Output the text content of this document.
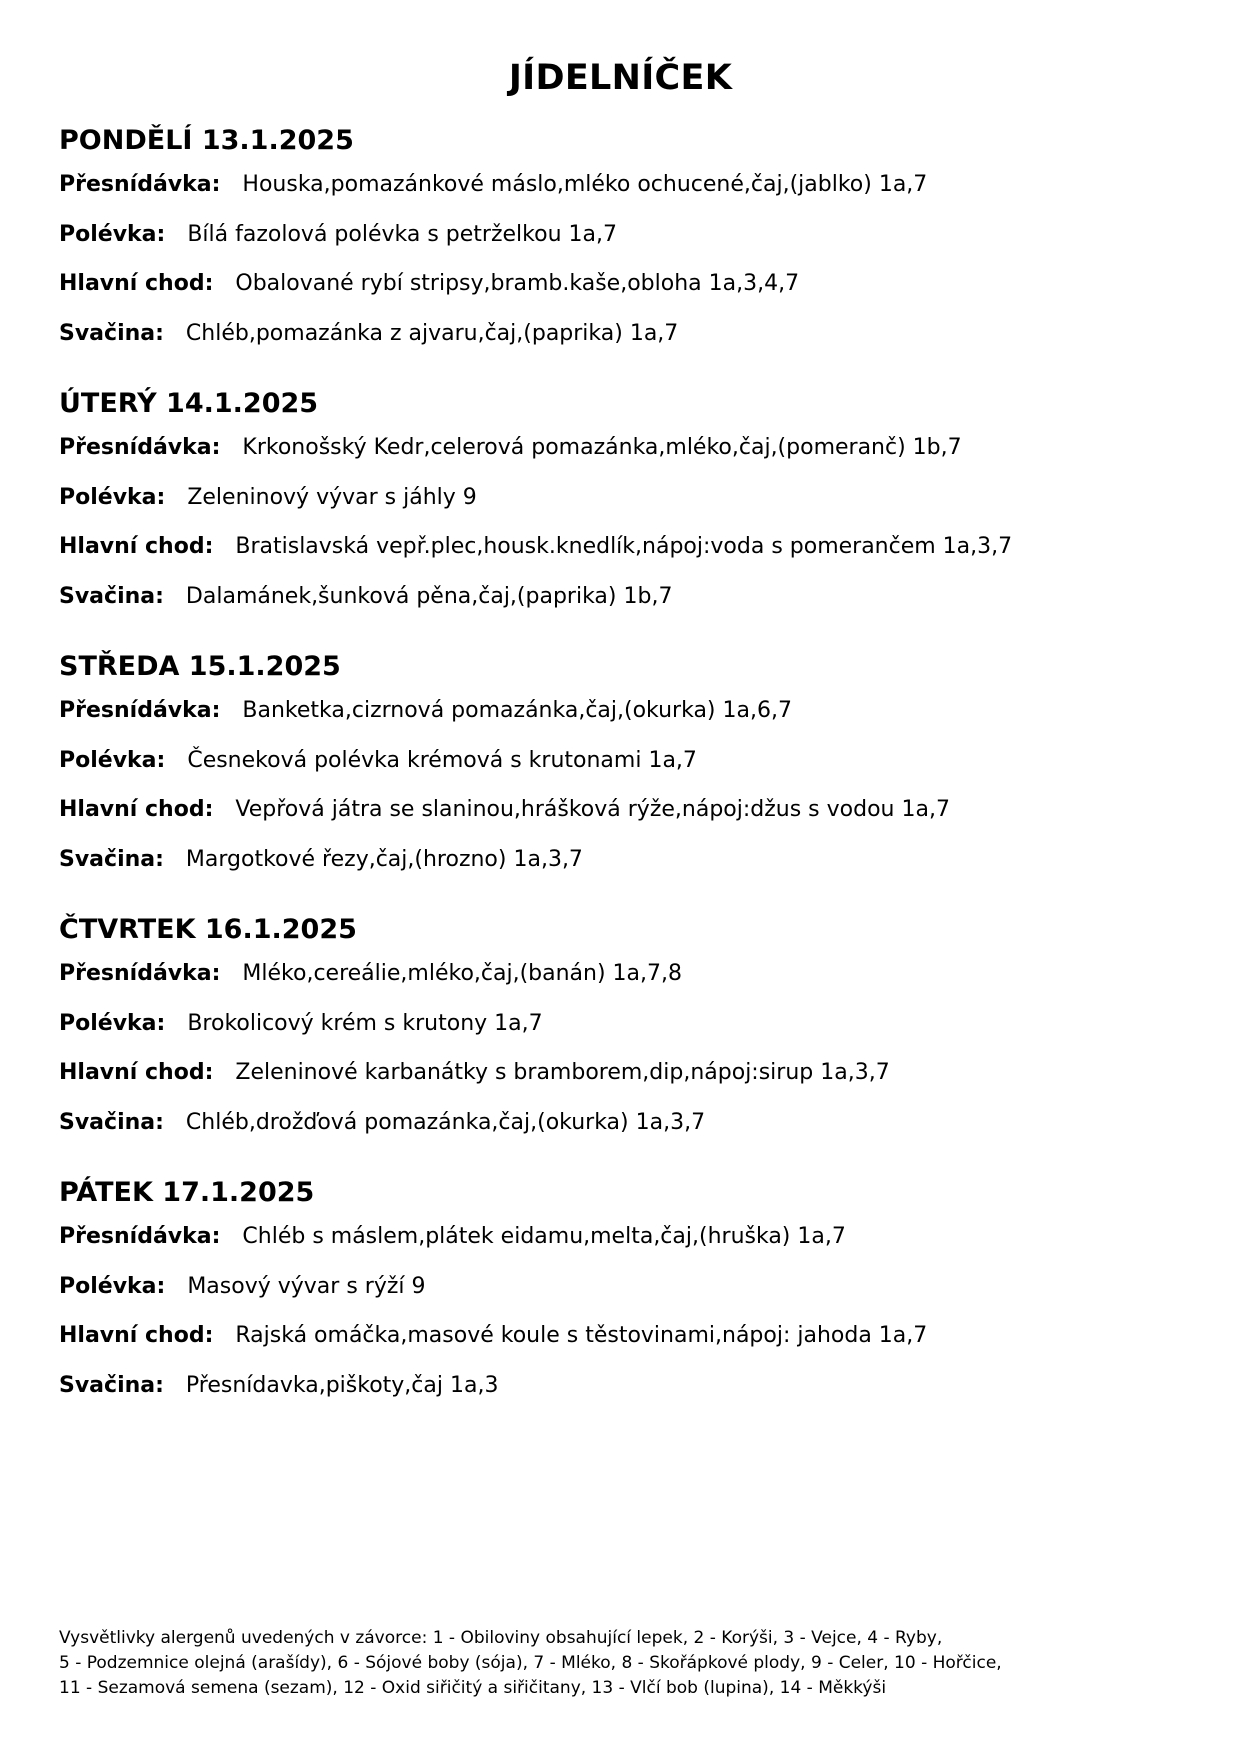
JÍDELNÍČEK
PONDĚLÍ 13.1.2025
Přesnídávka: Houska,pomazánkové máslo,mléko ochucené,čaj,(jablko) 1a,7
Polévka: Bílá fazolová polévka s petrželkou 1a,7
Hlavní chod: Obalované rybí stripsy,bramb.kaše,obloha 1a,3,4,7
Svačina: Chléb,pomazánka z ajvaru,čaj,(paprika) 1a,7
ÚTERÝ 14.1.2025
Přesnídávka: Krkonošský Kedr,celerová pomazánka,mléko,čaj,(pomeranč) 1b,7
Polévka: Zeleninový vývar s jáhly 9
Hlavní chod: Bratislavská vepř.plec,housk.knedlík,nápoj:voda s pomerančem 1a,3,7
Svačina: Dalamánek,šunková pěna,čaj,(paprika) 1b,7
STŘEDA 15.1.2025
Přesnídávka: Banketka,cizrnová pomazánka,čaj,(okurka) 1a,6,7
Polévka: Česneková polévka krémová s krutonami 1a,7
Hlavní chod: Vepřová játra se slaninou,hrášková rýže,nápoj:džus s vodou 1a,7
Svačina: Margotkové řezy,čaj,(hrozno) 1a,3,7
ČTVRTEK 16.1.2025
Přesnídávka: Mléko,cereálie,mléko,čaj,(banán) 1a,7,8
Polévka: Brokolicový krém s krutony 1a,7
Hlavní chod: Zeleninové karbanátky s bramborem,dip,nápoj:sirup 1a,3,7
Svačina: Chléb,drožďová pomazánka,čaj,(okurka) 1a,3,7
PÁTEK 17.1.2025
Přesnídávka: Chléb s máslem,plátek eidamu,melta,čaj,(hruška) 1a,7
Polévka: Masový vývar s rýží 9
Hlavní chod: Rajská omáčka,masové koule s těstovinami,nápoj: jahoda 1a,7
Svačina: Přesnídavka,piškoty,čaj 1a,3
Vysvětlivky alergenů uvedených v závorce: 1 - Obiloviny obsahující lepek, 2 - Korýši, 3 - Vejce, 4 - Ryby,
5 - Podzemnice olejná (arašídy), 6 - Sójové boby (sója), 7 - Mléko, 8 - Skořápkové plody, 9 - Celer, 10 - Hořčice,
11 - Sezamová semena (sezam), 12 - Oxid siřičitý a siřičitany, 13 - Vlčí bob (lupina), 14 - Měkkýši
